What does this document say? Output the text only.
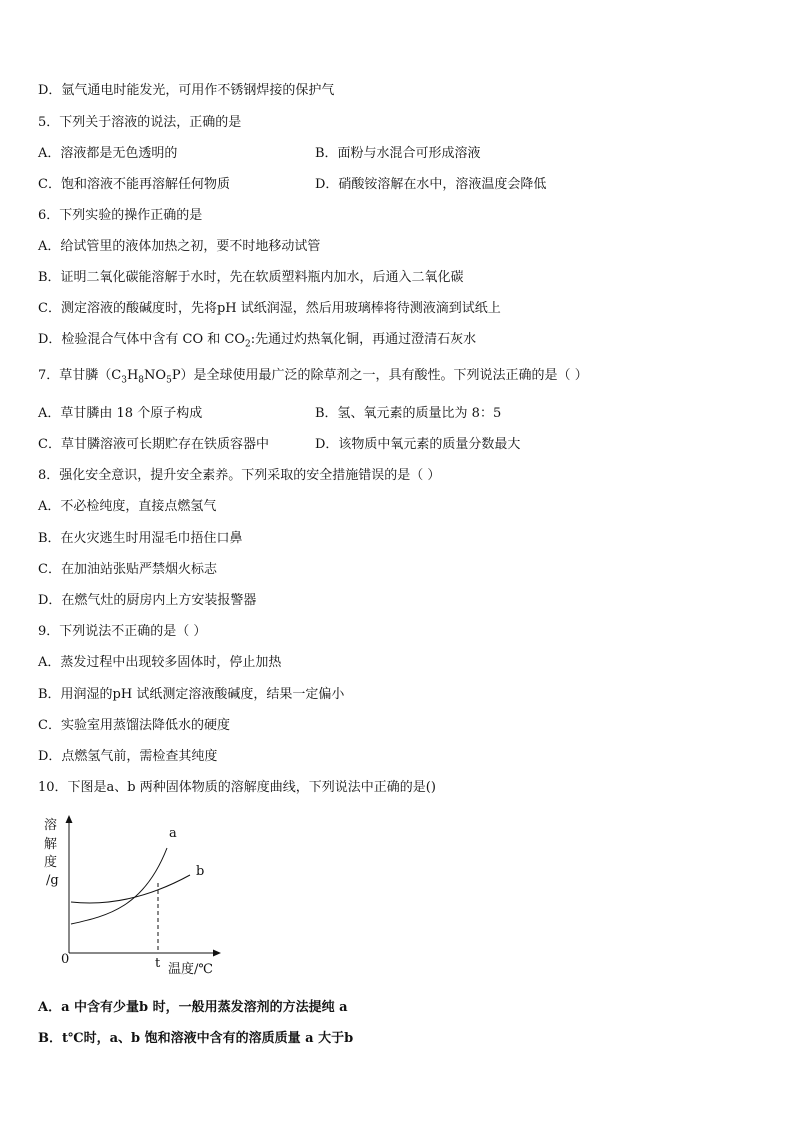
D．氩气通电时能发光，可用作不锈钢焊接的保护气
5．下列关于溶液的说法，正确的是
A．溶液都是无色透明的	B．面粉与水混合可形成溶液
C．饱和溶液不能再溶解任何物质	D．硝酸铵溶解在水中，溶液温度会降低
6．下列实验的操作正确的是
A．给试管里的液体加热之初，要不时地移动试管
B．证明二氧化碳能溶解于水时，先在软质塑料瓶内加水，后通入二氧化碳
C．测定溶液的酸碱度时，先将pH 试纸润湿，然后用玻璃棒将待测液滴到试纸上
D．检验混合气体中含有 CO 和 $CO_2$:先通过灼热氧化铜，再通过澄清石灰水
7．草甘膦$(C_3H_8NO_5P)$是全球使用最广泛的除草剂之一，具有酸性。下列说法正确的是（ ）
A．草甘膦由 18 个原子构成	B．氢、氧元素的质量比为 8：5
C．草甘膦溶液可长期贮存在铁质容器中	D．该物质中氧元素的质量分数最大
8．强化安全意识，提升安全素养。下列采取的安全措施错误的是（ ）
A．不必检纯度，直接点燃氢气
B．在火灾逃生时用湿毛巾捂住口鼻
C．在加油站张贴严禁烟火标志
D．在燃气灶的厨房内上方安装报警器
9．下列说法不正确的是（ ）
A．蒸发过程中出现较多固体时，停止加热
B．用润湿的pH 试纸测定溶液酸碱度，结果一定偏小
C．实验室用蒸馏法降低水的硬度
D．点燃氢气前，需检查其纯度
10．下图是a、b 两种固体物质的溶解度曲线，下列说法中正确的是()
溶
解
度
/g
0
a
b
t 温度/℃
A．a 中含有少量b 时，一般用蒸发溶剂的方法提纯 a
B．t℃时，a、b 饱和溶液中含有的溶质质量 a 大于b
